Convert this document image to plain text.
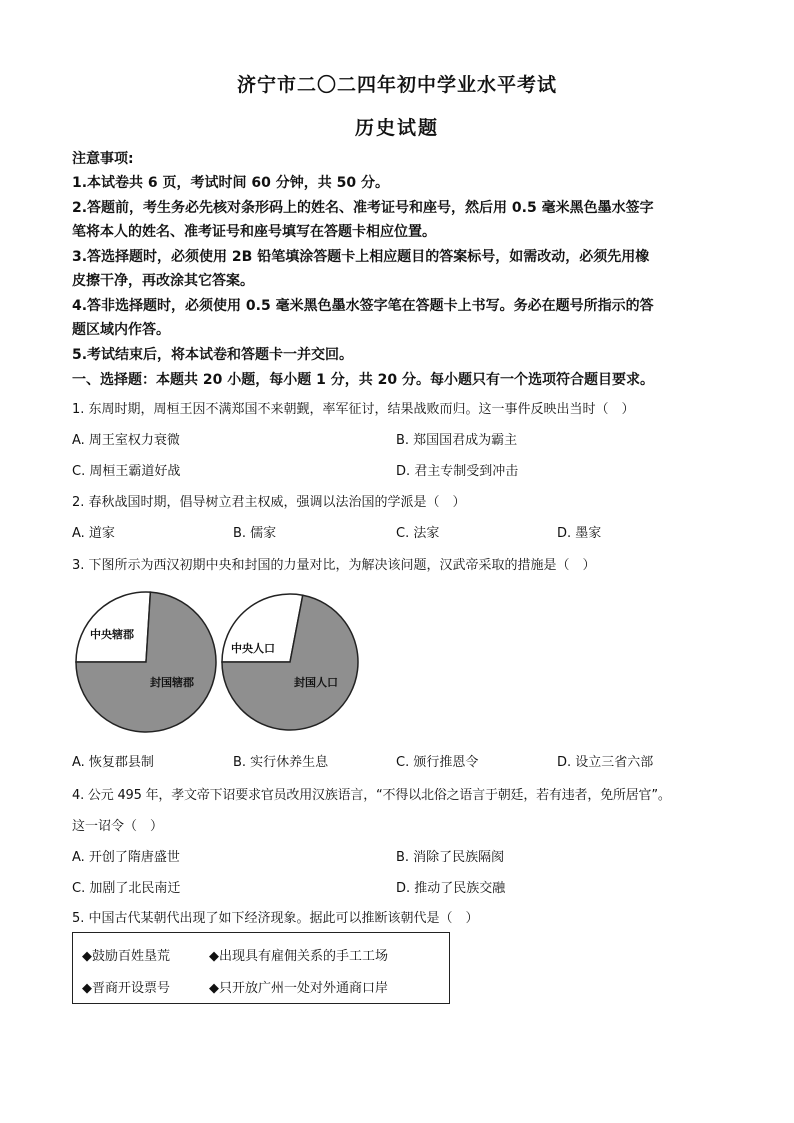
济宁市二〇二四年初中学业水平考试
历史试题
注意事项:
1.本试卷共 6 页，考试时间 60 分钟，共 50 分。
2.答题前，考生务必先核对条形码上的姓名、准考证号和座号，然后用 0.5 毫米黑色墨水签字
笔将本人的姓名、准考证号和座号填写在答题卡相应位置。
3.答选择题时，必须使用 2B 铅笔填涂答题卡上相应题目的答案标号，如需改动，必须先用橡
皮擦干净，再改涂其它答案。
4.答非选择题时，必须使用 0.5 毫米黑色墨水签字笔在答题卡上书写。务必在题号所指示的答
题区域内作答。
5.考试结束后，将本试卷和答题卡一并交回。
一、选择题：本题共 20 小题，每小题 1 分，共 20 分。每小题只有一个选项符合题目要求。
1. 东周时期，周桓王因不满郑国不来朝觐，率军征讨，结果战败而归。这一事件反映出当时（　）
A. 周王室权力衰微	B. 郑国国君成为霸主
C. 周桓王霸道好战	D. 君主专制受到冲击
2. 春秋战国时期，倡导树立君主权威，强调以法治国的学派是（　）
A. 道家	B. 儒家	C. 法家	D. 墨家
3. 下图所示为西汉初期中央和封国的力量对比，为解决该问题，汉武帝采取的措施是（　）
中央辖郡
封国辖郡
中央人口
封国人口
A. 恢复郡县制	B. 实行休养生息	C. 颁行推恩令	D. 设立三省六部
4. 公元 495 年，孝文帝下诏要求官员改用汉族语言，“不得以北俗之语言于朝廷，若有违者，免所居官”。
这一诏令（　）
A. 开创了隋唐盛世	B. 消除了民族隔阂
C. 加剧了北民南迁	D. 推动了民族交融
5. 中国古代某朝代出现了如下经济现象。据此可以推断该朝代是（　）
◆鼓励百姓垦荒	◆出现具有雇佣关系的手工工场
◆晋商开设票号	◆只开放广州一处对外通商口岸
